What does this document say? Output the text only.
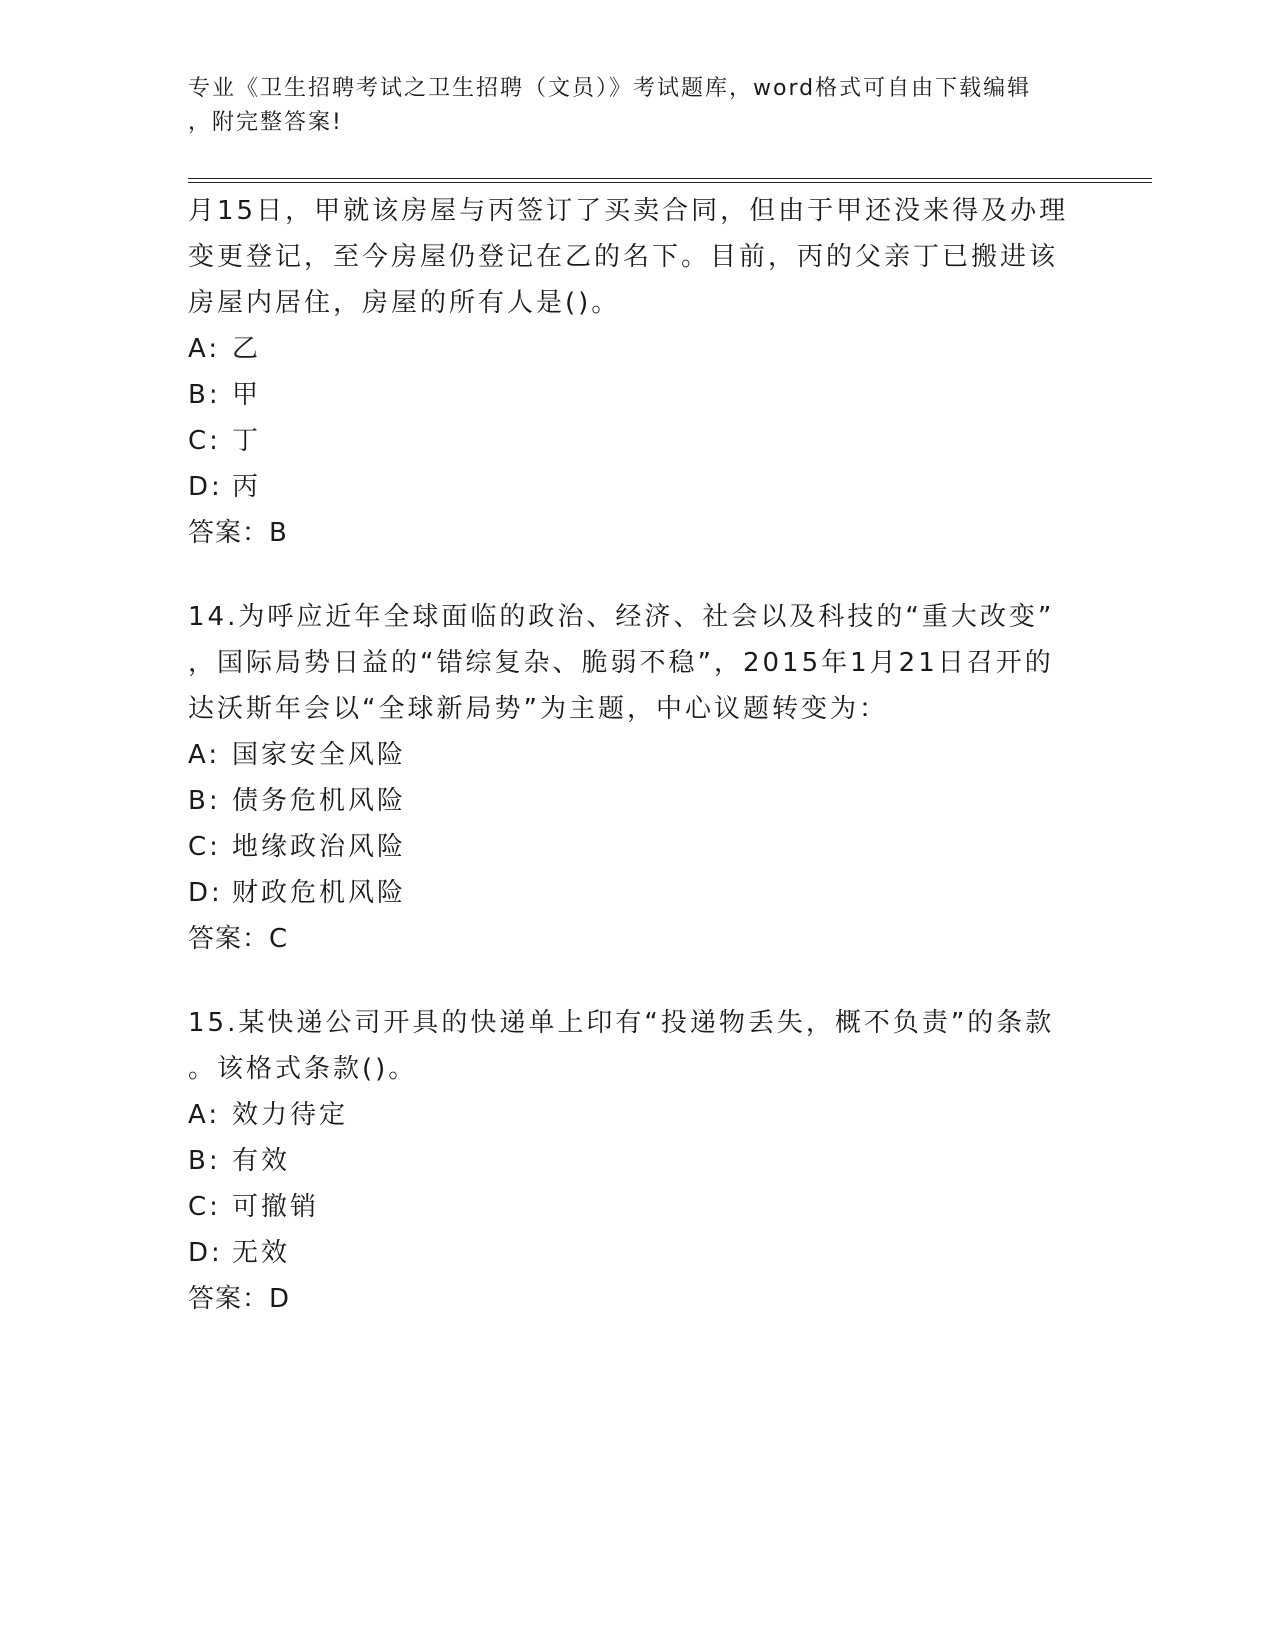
专业《卫生招聘考试之卫生招聘（文员）》考试题库，word格式可自由下载编辑
，附完整答案!
月15日，甲就该房屋与丙签订了买卖合同，但由于甲还没来得及办理
变更登记，至今房屋仍登记在乙的名下。目前，丙的父亲丁已搬进该
房屋内居住，房屋的所有人是()。
A: 乙
B: 甲
C: 丁
D: 丙
答案：B
14.为呼应近年全球面临的政治、经济、社会以及科技的“重大改变”
，国际局势日益的“错综复杂、脆弱不稳”，2015年1月21日召开的
达沃斯年会以“全球新局势”为主题，中心议题转变为：
A: 国家安全风险
B: 债务危机风险
C: 地缘政治风险
D: 财政危机风险
答案：C
15.某快递公司开具的快递单上印有“投递物丢失，概不负责”的条款
。该格式条款()。
A: 效力待定
B: 有效
C: 可撤销
D: 无效
答案：D
